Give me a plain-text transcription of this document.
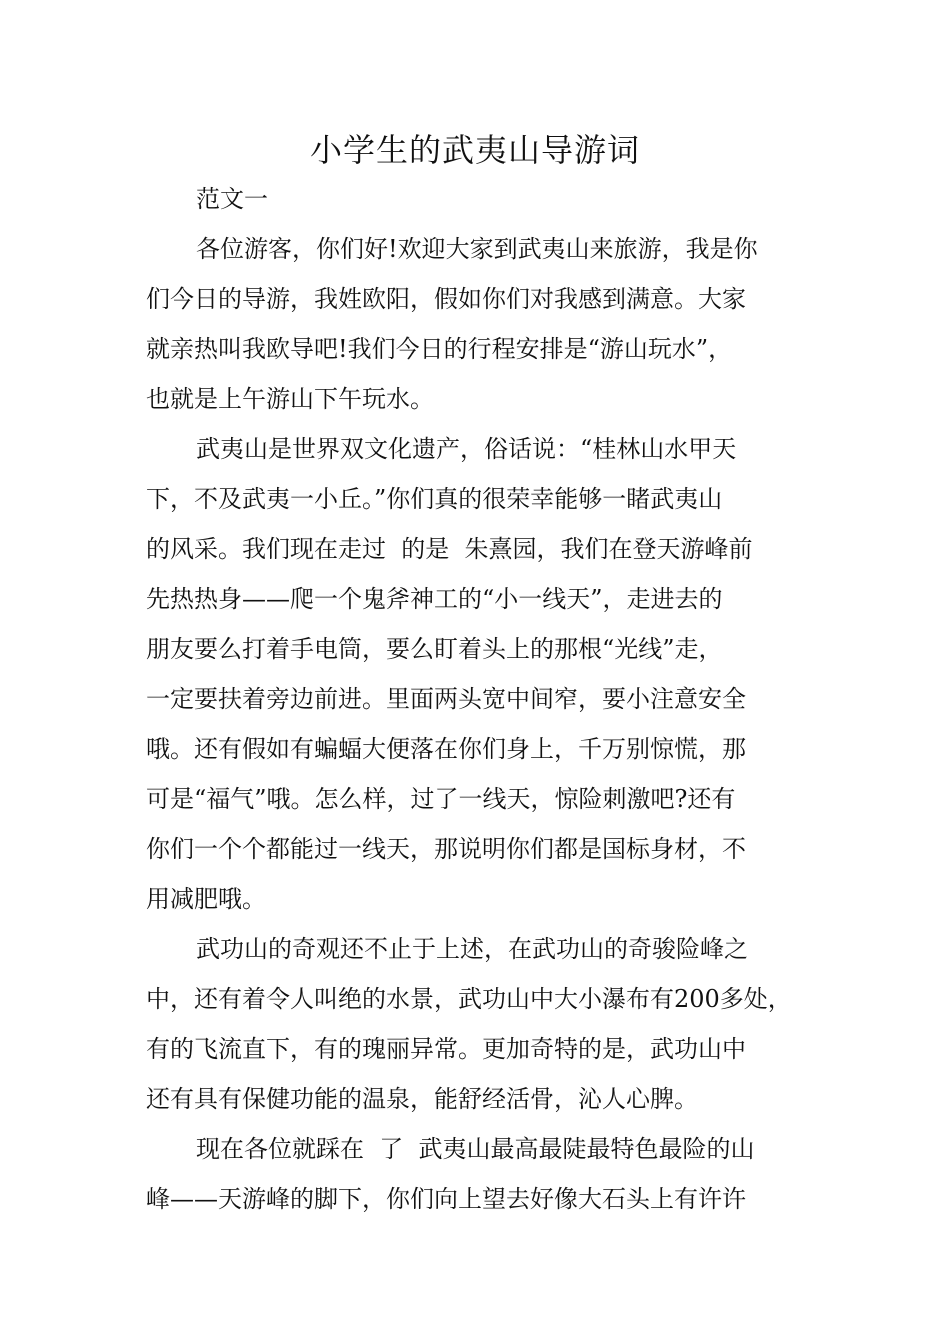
小学生的武夷山导游词

范文一

各位游客，你们好!欢迎大家到武夷山来旅游，我是你

们今日的导游，我姓欧阳，假如你们对我感到满意。大家

就亲热叫我欧导吧!我们今日的行程安排是“游山玩水”，

也就是上午游山下午玩水。

武夷山是世界双文化遗产，俗话说：“桂林山水甲天

下，不及武夷一小丘。”你们真的很荣幸能够一睹武夷山

的风采。我们现在走过  的是  朱熹园，我们在登天游峰前

先热热身——爬一个鬼斧神工的“小一线天”，走进去的

朋友要么打着手电筒，要么盯着头上的那根“光线”走，

一定要扶着旁边前进。里面两头宽中间窄，要小注意安全

哦。还有假如有蝙蝠大便落在你们身上，千万别惊慌，那

可是“福气”哦。怎么样，过了一线天，惊险刺激吧?还有

你们一个个都能过一线天，那说明你们都是国标身材，不

用减肥哦。

武功山的奇观还不止于上述，在武功山的奇骏险峰之

中，还有着令人叫绝的水景，武功山中大小瀑布有200多处，

有的飞流直下，有的瑰丽异常。更加奇特的是，武功山中

还有具有保健功能的温泉，能舒经活骨，沁人心脾。

现在各位就踩在  了  武夷山最高最陡最特色最险的山

峰——天游峰的脚下，你们向上望去好像大石头上有许许
